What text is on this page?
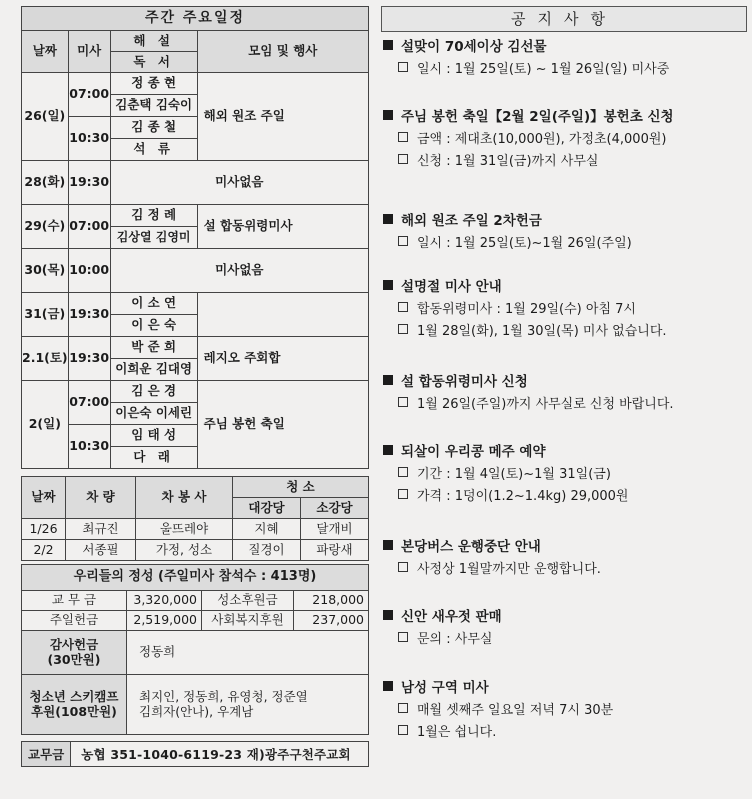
주간 주요일정			
날짜	미사	해 설	모임 및 행사
		독 서	
26(일)	07:00	정 종 현	해외 원조 주일
		김춘택 김숙이	
	10:30	김 종 철	
		석 류	
28(화)	19:30	미사없음	
29(수)	07:00	김 정 례	설 합동위령미사
		김상열 김영미	
30(목)	10:00	미사없음	
31(금)	19:30	이 소 연	
		이 은 숙	
2.1(토)	19:30	박 준 희	레지오 주회합
		이희운 김대영	
2(일)	07:00	김 은 경	주님 봉헌 축일
		이은숙 이세린	
	10:30	임 태 성	
		다 래	
날짜	차 량	차 봉 사	청 소	
			대강당	소강당
1/26	최규진	울뜨레야	지혜	달개비
2/2	서종필	가정, 성소	질경이	파랑새
우리들의 정성 (주일미사 참석수 : 413명)			
교 무 금	3,320,000	성소후원금	218,000
주일헌금	2,519,000	사회복지후원	237,000
감사헌금
(30만원)	정동희		
청소년 스키캠프
후원(108만원)	최지인, 정동희, 유영청, 정준열
김희자(안나), 우계남		
교무금	농협 351-1040-6119-23 재)광주구천주교회
공지사항
설맞이 70세이상 김선물
일시 : 1월 25일(토) ~ 1월 26일(일) 미사중
주님 봉헌 축일【2월 2일(주일)】봉헌초 신청
금액 : 제대초(10,000원), 가정초(4,000원)
신청 : 1월 31일(금)까지 사무실
해외 원조 주일 2차헌금
일시 : 1월 25일(토)~1월 26일(주일)
설명절 미사 안내
합동위령미사 : 1월 29일(수) 아침 7시
1월 28일(화), 1월 30일(목) 미사 없습니다.
설 합동위령미사 신청
1월 26일(주일)까지 사무실로 신청 바랍니다.
되살이 우리콩 메주 예약
기간 : 1월 4일(토)~1월 31일(금)
가격 : 1덩이(1.2~1.4kg) 29,000원
본당버스 운행중단 안내
사정상 1월말까지만 운행합니다.
신안 새우젓 판매
문의 : 사무실
남성 구역 미사
매월 셋째주 일요일 저녁 7시 30분
1월은 쉽니다.
